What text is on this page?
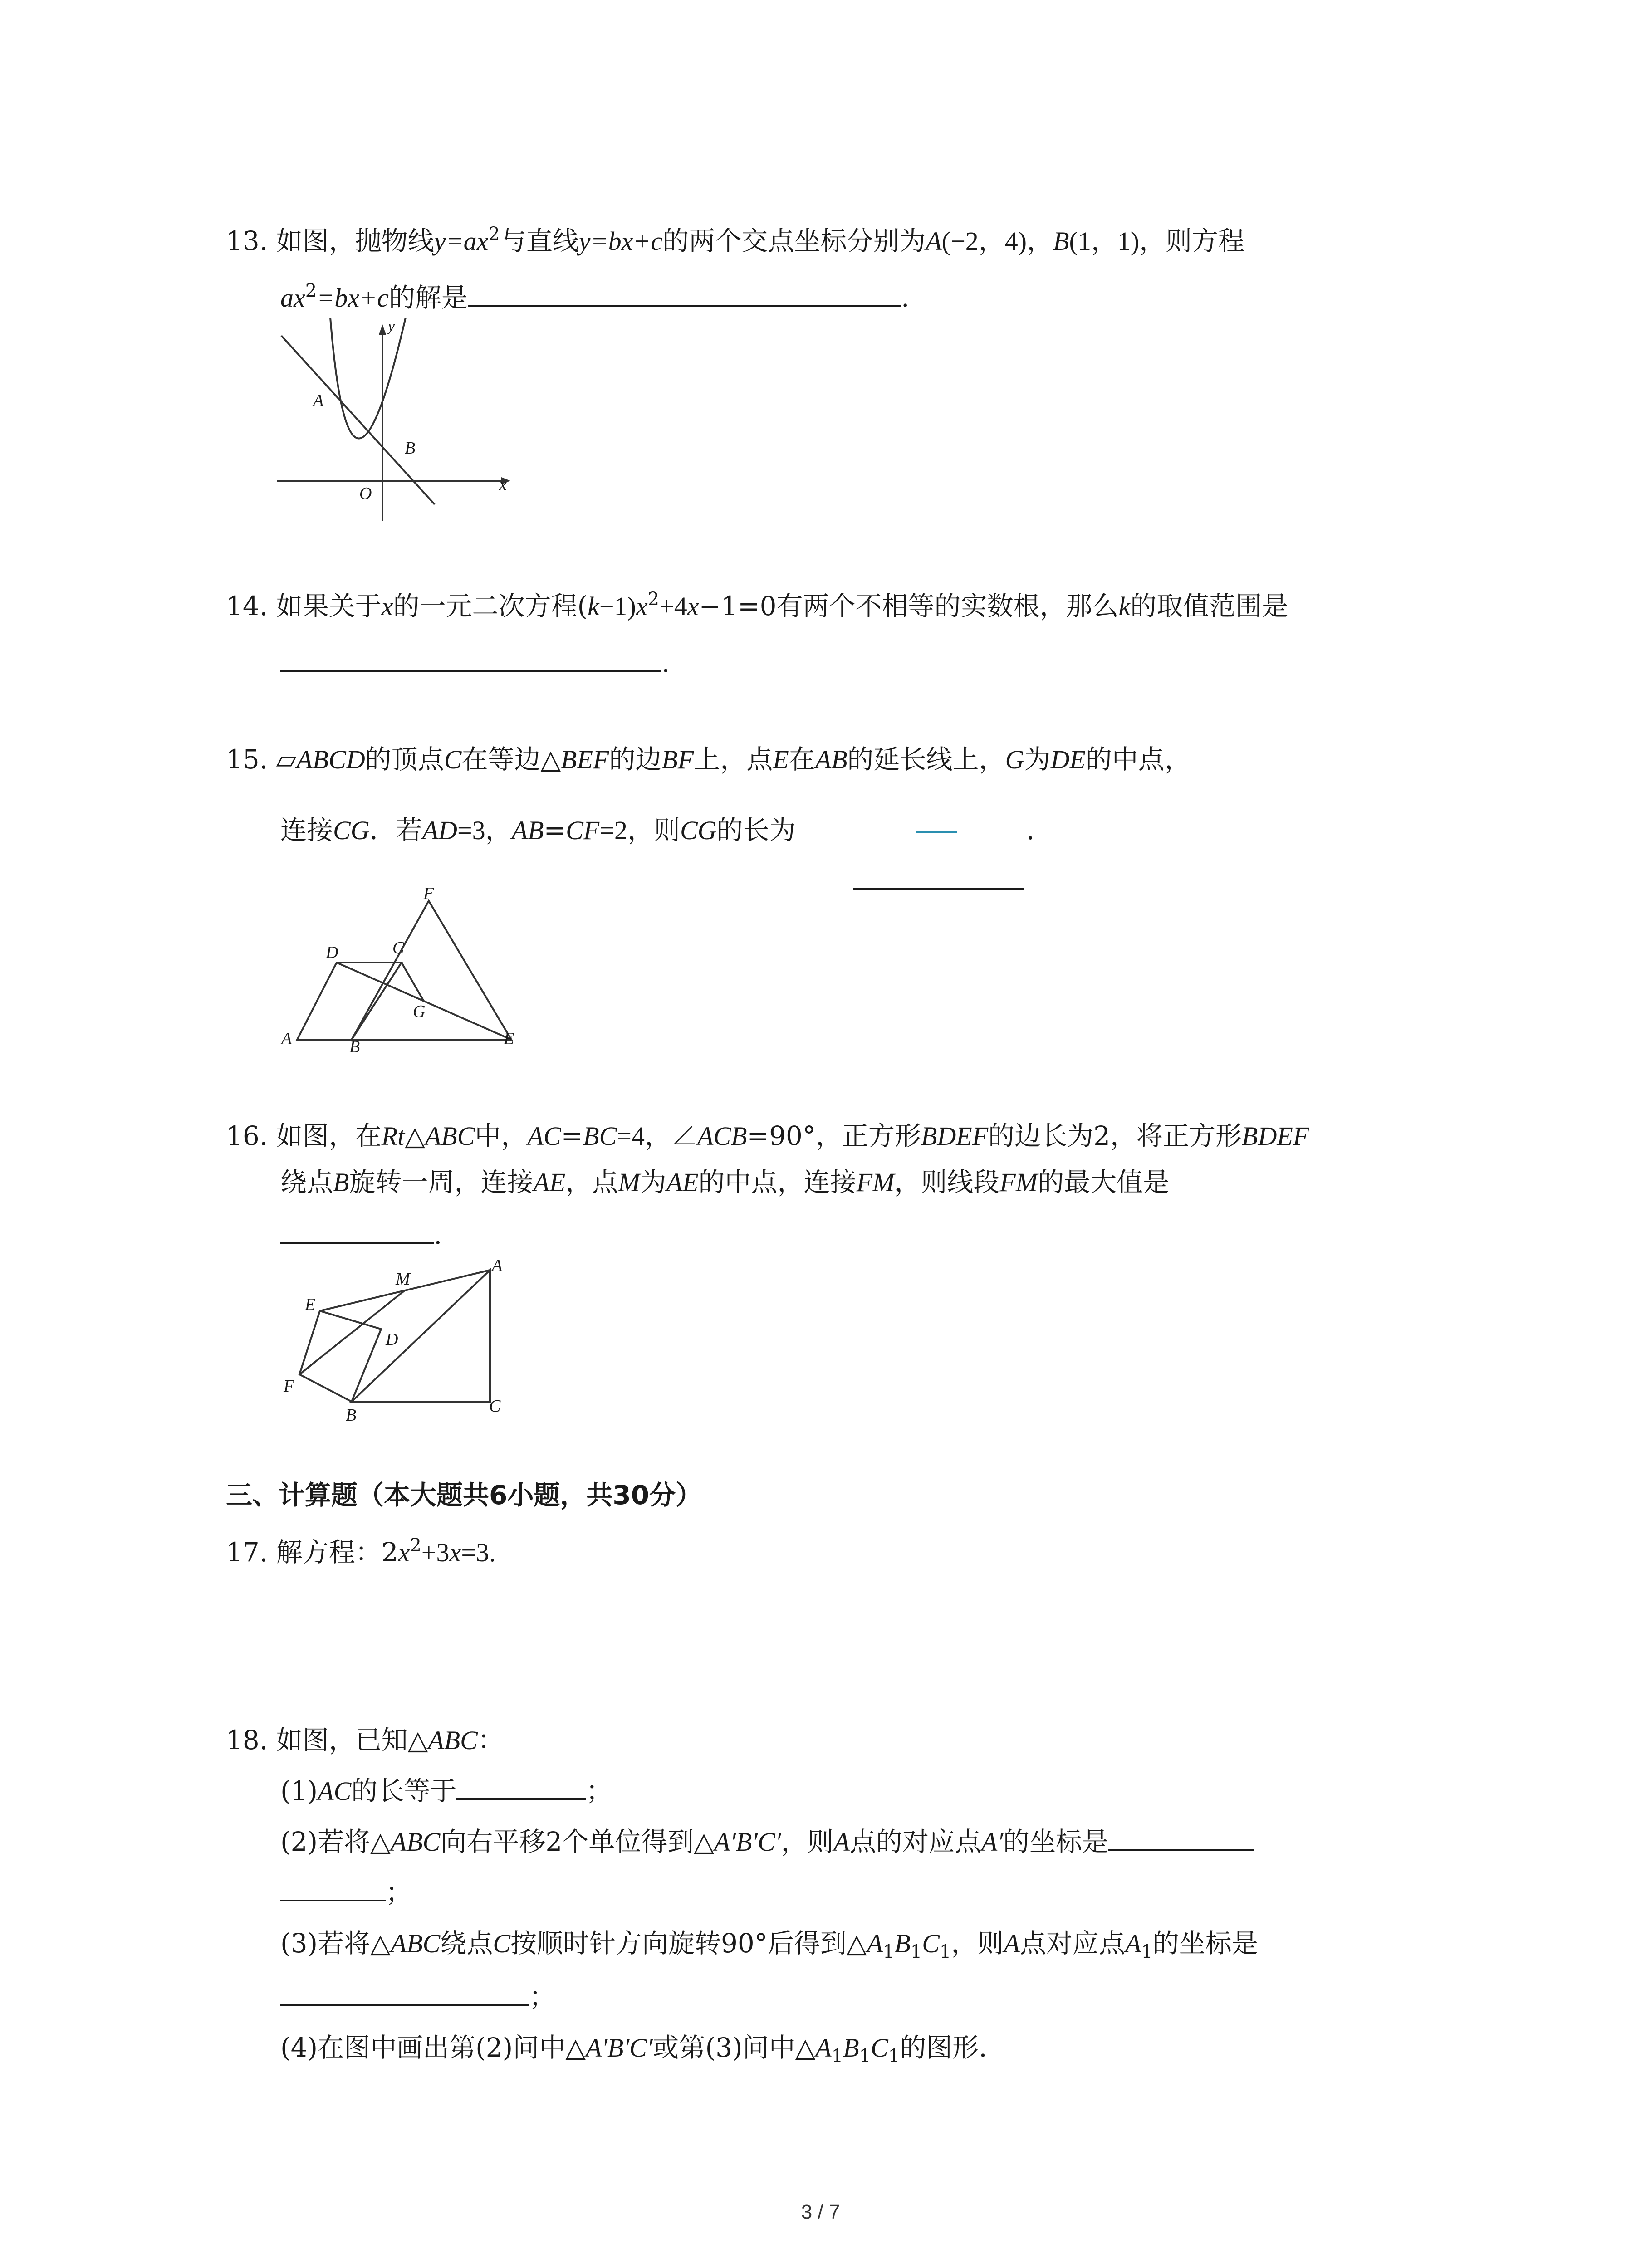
13. 如图，抛物线$y=ax^2$与直线y=bx+c的两个交点坐标分别为A(−2，4)，B(1，1)，则方程
$ax^2=bx+c$的解是	.
y
x
A
B
O
14. 如果关于x的一元二次方程$(k-1)x^2+4x-1=0$有两个不相等的实数根，那么k的取值范围是
.
15. ▱ABCD的顶点C在等边△BEF的边BF上，点E在AB的延长线上，G为DE的中点，
连接CG．若AD=3，AB=CF=2，则CG的长为	.
F
D	C
G
A	B	E
16. 如图，在Rt△ABC中，AC=BC=4，∠ACB=90°，正方形BDEF的边长为2，将正方形BDEF
绕点B旋转一周，连接AE，点M为AE的中点，连接FM，则线段FM的最大值是
.
A
M
E
D
F
B	C
三、计算题（本大题共6小题，共30分）
17. 解方程：$2x^2+3x=3$.
18. 如图，已知△ABC：
(1)AC的长等于	；
(2)若将△ABC向右平移2个单位得到△A′B′C′，则A点的对应点A′的坐标是
；
(3)若将△ABC绕点C按顺时针方向旋转90°后得到$\triangle A_1B_1C_1$，则A点对应点$A_1$的坐标是
；
(4)在图中画出第(2)问中△A′B′C′或第(3)问中$\triangle A_1B_1C_1$的图形.
3 / 7
